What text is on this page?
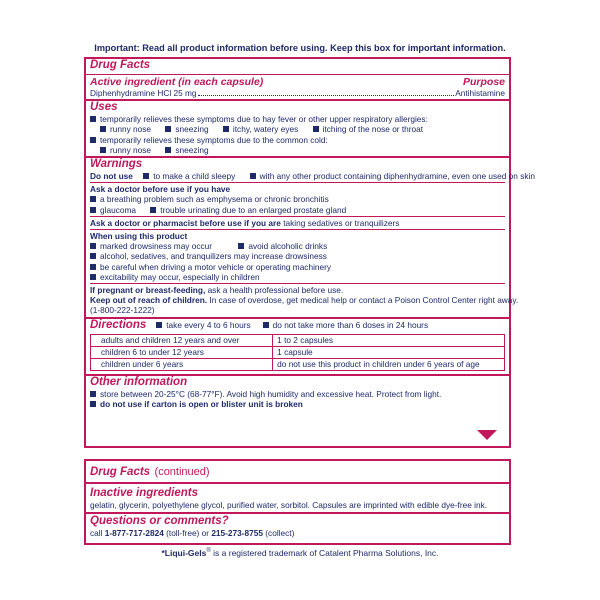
Important: Read all product information before using. Keep this box for important information.
Drug Facts
Active ingredient (in each capsule)	Purpose
Diphenhydramine HCl 25 mg	Antihistamine
Uses
temporarily relieves these symptoms due to hay fever or other upper respiratory allergies:
runny nose	sneezing	itchy, watery eyes	itching of the nose or throat
temporarily relieves these symptoms due to the common cold:
runny nose	sneezing
Warnings
Do not use to make a child sleepy	with any other product containing diphenhydramine, even one used on skin
Ask a doctor before use if you have
a breathing problem such as emphysema or chronic bronchitis
glaucoma	trouble urinating due to an enlarged prostate gland
Ask a doctor or pharmacist before use if you are taking sedatives or tranquilizers
When using this product
marked drowsiness may occur	avoid alcoholic drinks
alcohol, sedatives, and tranquilizers may increase drowsiness
be careful when driving a motor vehicle or operating machinery
excitability may occur, especially in children
If pregnant or breast-feeding, ask a health professional before use.
Keep out of reach of children. In case of overdose, get medical help or contact a Poison Control Center right away.
(1-800-222-1222)
Directions	take every 4 to 6 hours	do not take more than 6 doses in 24 hours
adults and children 12 years and over	1 to 2 capsules
children 6 to under 12 years	1 capsule
children under 6 years	do not use this product in children under 6 years of age
Other information
store between 20-25°C (68-77°F). Avoid high humidity and excessive heat. Protect from light.
do not use if carton is open or blister unit is broken
Drug Facts (continued)
Inactive ingredients
gelatin, glycerin, polyethylene glycol, purified water, sorbitol. Capsules are imprinted with edible dye-free ink.
Questions or comments?
call 1-877-717-2824 (toll-free) or 215-273-8755 (collect)
*Liqui-Gels® is a registered trademark of Catalent Pharma Solutions, Inc.
